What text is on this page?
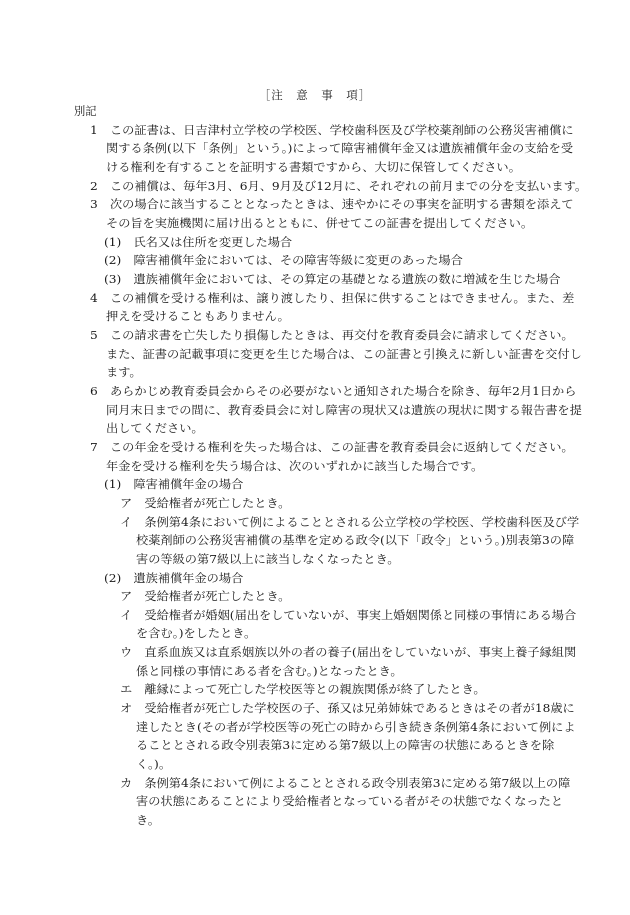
［注　意　事　項］
別記
1　この証書は、日吉津村立学校の学校医、学校歯科医及び学校薬剤師の公務災害補償に
関する条例(以下「条例」という。)によって障害補償年金又は遺族補償年金の支給を受
ける権利を有することを証明する書類ですから、大切に保管してください。
2　この補償は、毎年3月、6月、9月及び12月に、それぞれの前月までの分を支払います。
3　次の場合に該当することとなったときは、速やかにその事実を証明する書類を添えて
その旨を実施機関に届け出るとともに、併せてこの証書を提出してください。
(1)　氏名又は住所を変更した場合
(2)　障害補償年金においては、その障害等級に変更のあった場合
(3)　遺族補償年金においては、その算定の基礎となる遺族の数に増減を生じた場合
4　この補償を受ける権利は、譲り渡したり、担保に供することはできません。また、差
押えを受けることもありません。
5　この請求書を亡失したり損傷したときは、再交付を教育委員会に請求してください。
また、証書の記載事項に変更を生じた場合は、この証書と引換えに新しい証書を交付し
ます。
6　あらかじめ教育委員会からその必要がないと通知された場合を除き、毎年2月1日から
同月末日までの間に、教育委員会に対し障害の現状又は遺族の現状に関する報告書を提
出してください。
7　この年金を受ける権利を失った場合は、この証書を教育委員会に返納してください。
年金を受ける権利を失う場合は、次のいずれかに該当した場合です。
(1)　障害補償年金の場合
ア　受給権者が死亡したとき。
イ　条例第4条において例によることとされる公立学校の学校医、学校歯科医及び学
校薬剤師の公務災害補償の基準を定める政令(以下「政令」という。)別表第3の障
害の等級の第7級以上に該当しなくなったとき。
(2)　遺族補償年金の場合
ア　受給権者が死亡したとき。
イ　受給権者が婚姻(届出をしていないが、事実上婚姻関係と同様の事情にある場合
を含む。)をしたとき。
ウ　直系血族又は直系姻族以外の者の養子(届出をしていないが、事実上養子縁組関
係と同様の事情にある者を含む。)となったとき。
エ　離縁によって死亡した学校医等との親族関係が終了したとき。
オ　受給権者が死亡した学校医の子、孫又は兄弟姉妹であるときはその者が18歳に
達したとき(その者が学校医等の死亡の時から引き続き条例第4条において例によ
ることとされる政令別表第3に定める第7級以上の障害の状態にあるときを除
く。)。
カ　条例第4条において例によることとされる政令別表第3に定める第7級以上の障
害の状態にあることにより受給権者となっている者がその状態でなくなったと
き。
